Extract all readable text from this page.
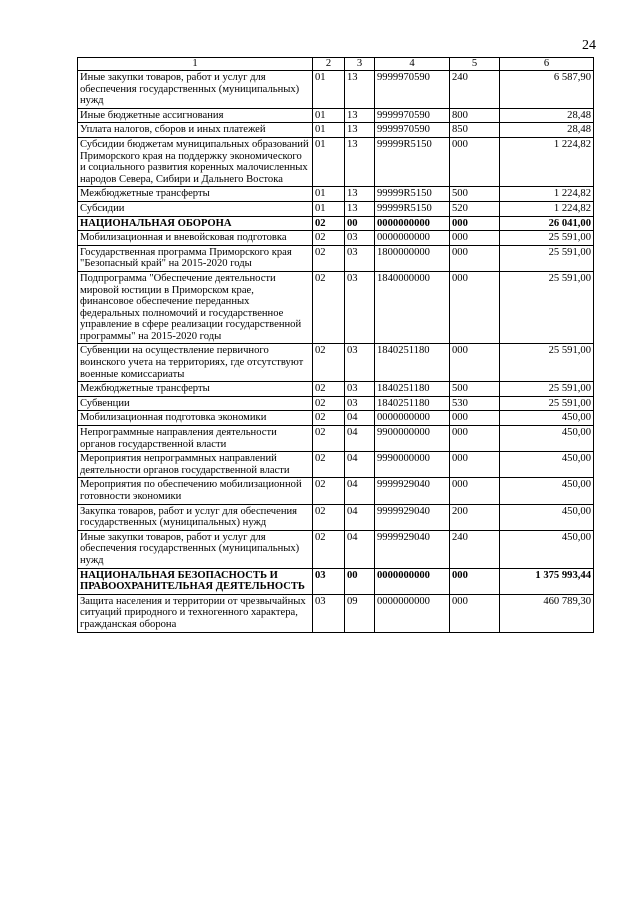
24
1	2	3	4	5	6
Иные закупки товаров, работ и услуг для обеспечения государственных (муниципальных) нужд	01	13	9999970590	240	6 587,90
Иные бюджетные ассигнования	01	13	9999970590	800	28,48
Уплата налогов, сборов и иных платежей	01	13	9999970590	850	28,48
Субсидии бюджетам муниципальных образований Приморского края на поддержку экономического и социального развития коренных малочисленных народов Севера, Сибири и Дальнего Востока	01	13	99999R5150	000	1 224,82
Межбюджетные трансферты	01	13	99999R5150	500	1 224,82
Субсидии	01	13	99999R5150	520	1 224,82
НАЦИОНАЛЬНАЯ ОБОРОНА	02	00	0000000000	000	26 041,00
Мобилизационная и вневойсковая подготовка	02	03	0000000000	000	25 591,00
Государственная программа Приморского края "Безопасный край" на 2015-2020 годы	02	03	1800000000	000	25 591,00
Подпрограмма "Обеспечение деятельности мировой юстиции в Приморском крае, финансовое обеспечение переданных федеральных полномочий и государственное управление в сфере реализации государственной программы" на 2015-2020 годы	02	03	1840000000	000	25 591,00
Субвенции на осуществление первичного воинского учета на территориях, где отсутствуют военные комиссариаты	02	03	1840251180	000	25 591,00
Межбюджетные трансферты	02	03	1840251180	500	25 591,00
Субвенции	02	03	1840251180	530	25 591,00
Мобилизационная подготовка экономики	02	04	0000000000	000	450,00
Непрограммные направления деятельности органов государственной власти	02	04	9900000000	000	450,00
Мероприятия непрограммных направлений деятельности органов государственной власти	02	04	9990000000	000	450,00
Мероприятия по обеспечению мобилизационной готовности экономики	02	04	9999929040	000	450,00
Закупка товаров, работ и услуг для обеспечения государственных (муниципальных) нужд	02	04	9999929040	200	450,00
Иные закупки товаров, работ и услуг для обеспечения государственных (муниципальных) нужд	02	04	9999929040	240	450,00
НАЦИОНАЛЬНАЯ БЕЗОПАСНОСТЬ И ПРАВООХРАНИТЕЛЬНАЯ ДЕЯТЕЛЬНОСТЬ	03	00	0000000000	000	1 375 993,44
Защита населения и территории от чрезвычайных ситуаций природного и техногенного характера, гражданская оборона	03	09	0000000000	000	460 789,30
